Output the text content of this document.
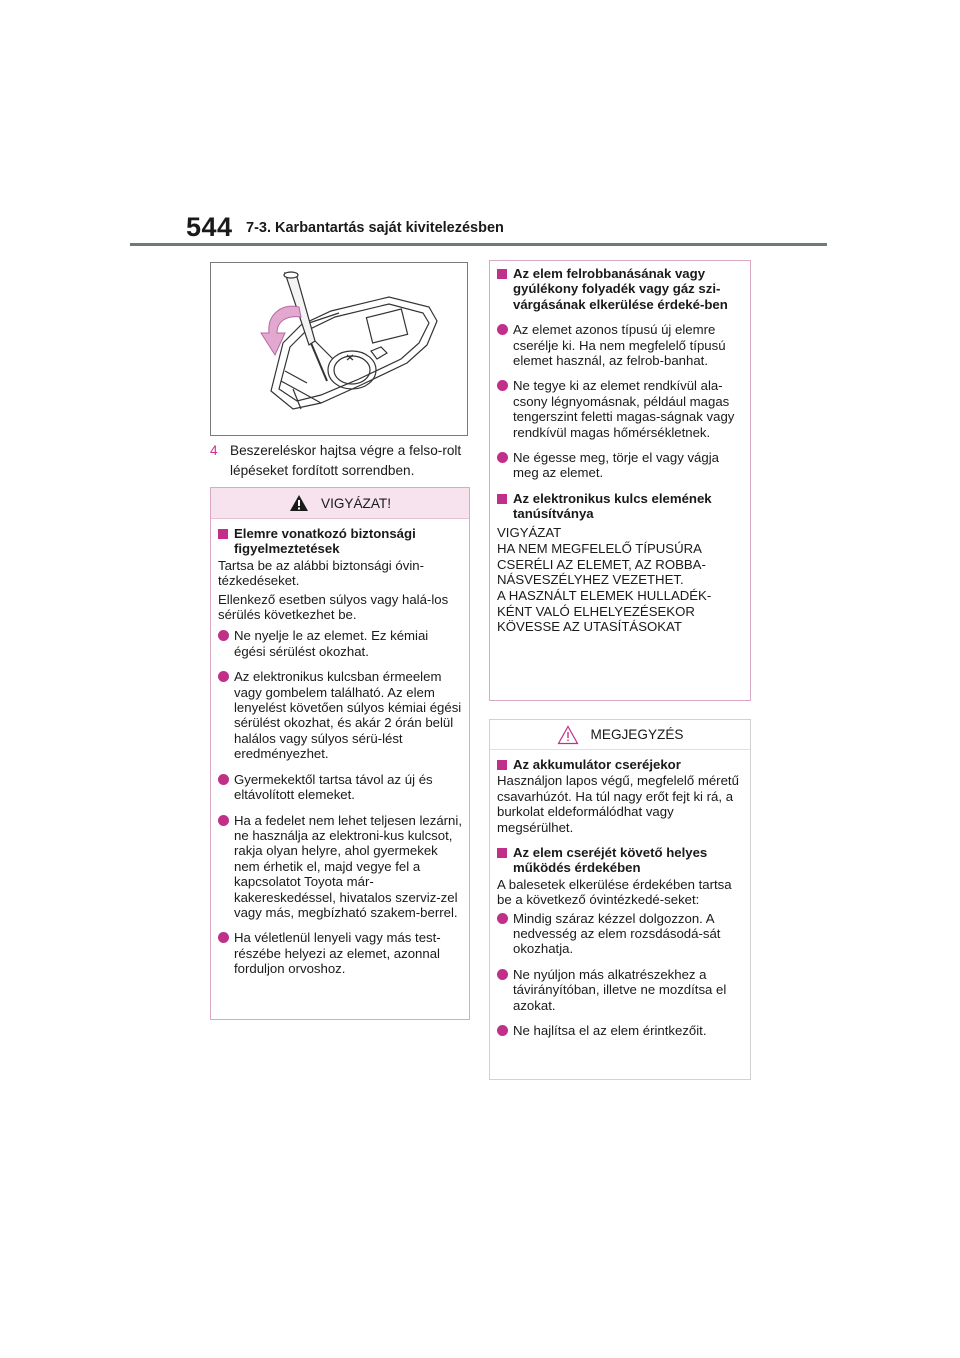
544 7-3. Karbantartás saját kivitelezésben
4 Beszereléskor hajtsa végre a felso-rolt lépéseket fordított sorrendben.
VIGYÁZAT!
Elemre vonatkozó biztonsági figyelmeztetések
Tartsa be az alábbi biztonsági óvin-tézkedéseket.
Ellenkező esetben súlyos vagy halá-los sérülés következhet be.
Ne nyelje le az elemet. Ez kémiai égési sérülést okozhat.
Az elektronikus kulcsban érmeelem vagy gombelem található. Az elem lenyelést követően súlyos kémiai égési sérülést okozhat, és akár 2 órán belül halálos vagy súlyos sérü-lést eredményezhet.
Gyermekektől tartsa távol az új és eltávolított elemeket.
Ha a fedelet nem lehet teljesen lezárni, ne használja az elektroni-kus kulcsot, rakja olyan helyre, ahol gyermekek nem érhetik el, majd vegye fel a kapcsolatot Toyota már-kakereskedéssel, hivatalos szerviz-zel vagy más, megbízható szakem-berrel.
Ha véletlenül lenyeli vagy más test-részébe helyezi az elemet, azonnal forduljon orvoshoz.
Az elem felrobbanásának vagy gyúlékony folyadék vagy gáz szi-várgásának elkerülése érdeké-ben
Az elemet azonos típusú új elemre cserélje ki. Ha nem megfelelő típusú elemet használ, az felrob-banhat.
Ne tegye ki az elemet rendkívül ala-csony légnyomásnak, például magas tengerszint feletti magas-ságnak vagy rendkívül magas hőmérsékletnek.
Ne égesse meg, törje el vagy vágja meg az elemet.
Az elektronikus kulcs elemének tanúsítványa
VIGYÁZAT
HA NEM MEGFELELŐ TÍPUSÚRA CSERÉLI AZ ELEMET, AZ ROBBA-NÁSVESZÉLYHEZ VEZETHET.
A HASZNÁLT ELEMEK HULLADÉK-KÉNT VALÓ ELHELYEZÉSEKOR KÖVESSE AZ UTASÍTÁSOKAT
MEGJEGYZÉS
Az akkumulátor cseréjekor
Használjon lapos végű, megfelelő méretű csavarhúzót. Ha túl nagy erőt fejt ki rá, a burkolat eldeformálódhat vagy megsérülhet.
Az elem cseréjét követő helyes működés érdekében
A balesetek elkerülése érdekében tartsa be a következő óvintézkedé-seket:
Mindig száraz kézzel dolgozzon. A nedvesség az elem rozsdásodá-sát okozhatja.
Ne nyúljon más alkatrészekhez a távirányítóban, illetve ne mozdítsa el azokat.
Ne hajlítsa el az elem érintkezőit.
